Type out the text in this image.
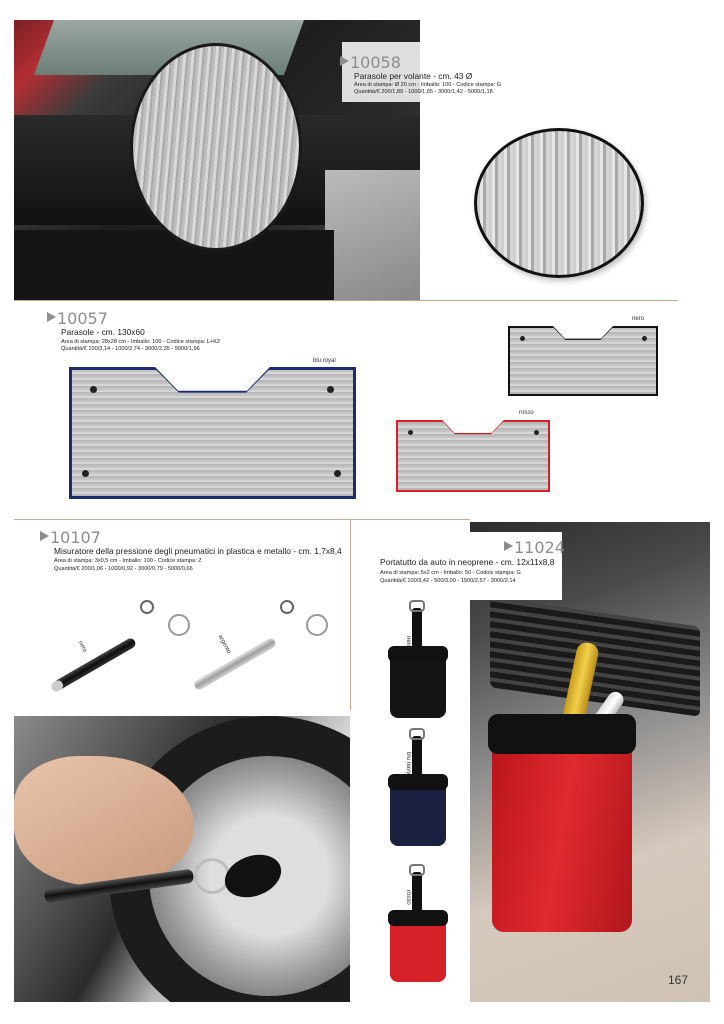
10058
Parasole per volante - cm. 43 Ø
Area di stampa: Ø 20 cm - Imballo: 100 - Codice stampa: G
Quantità/€ 200/1,89 - 1000/1,65 - 3000/1,42 - 5000/1,18
10057
Parasole - cm. 130x60
Area di stampa: 28x28 cm - Imballo: 100 - Codice stampa: L+K2
Quantità/€ 100/3,14 - 1000/2,74 - 3000/2,35 - 5000/1,96
blu royal
nero
rosso
10107
Misuratore della pressione degli pneumatici in plastica e metallo - cm. 1,7x8,4
Area di stampa: 3x0,5 cm - Imballo: 100 - Codice stampa: Z
Quantità/€ 200/1,06 - 1000/0,92 - 3000/0,79 - 5000/0,66
nero	argento
11024
Portatutto da auto in neoprene - cm. 12x11x8,8
Area di stampa: 5x2 cm - Imballo: 50 - Codice stampa: G
Quantità/€ 100/3,42 - 500/3,00 - 1500/2,57 - 3000/2,14
nero
blu navy
rosso
167
